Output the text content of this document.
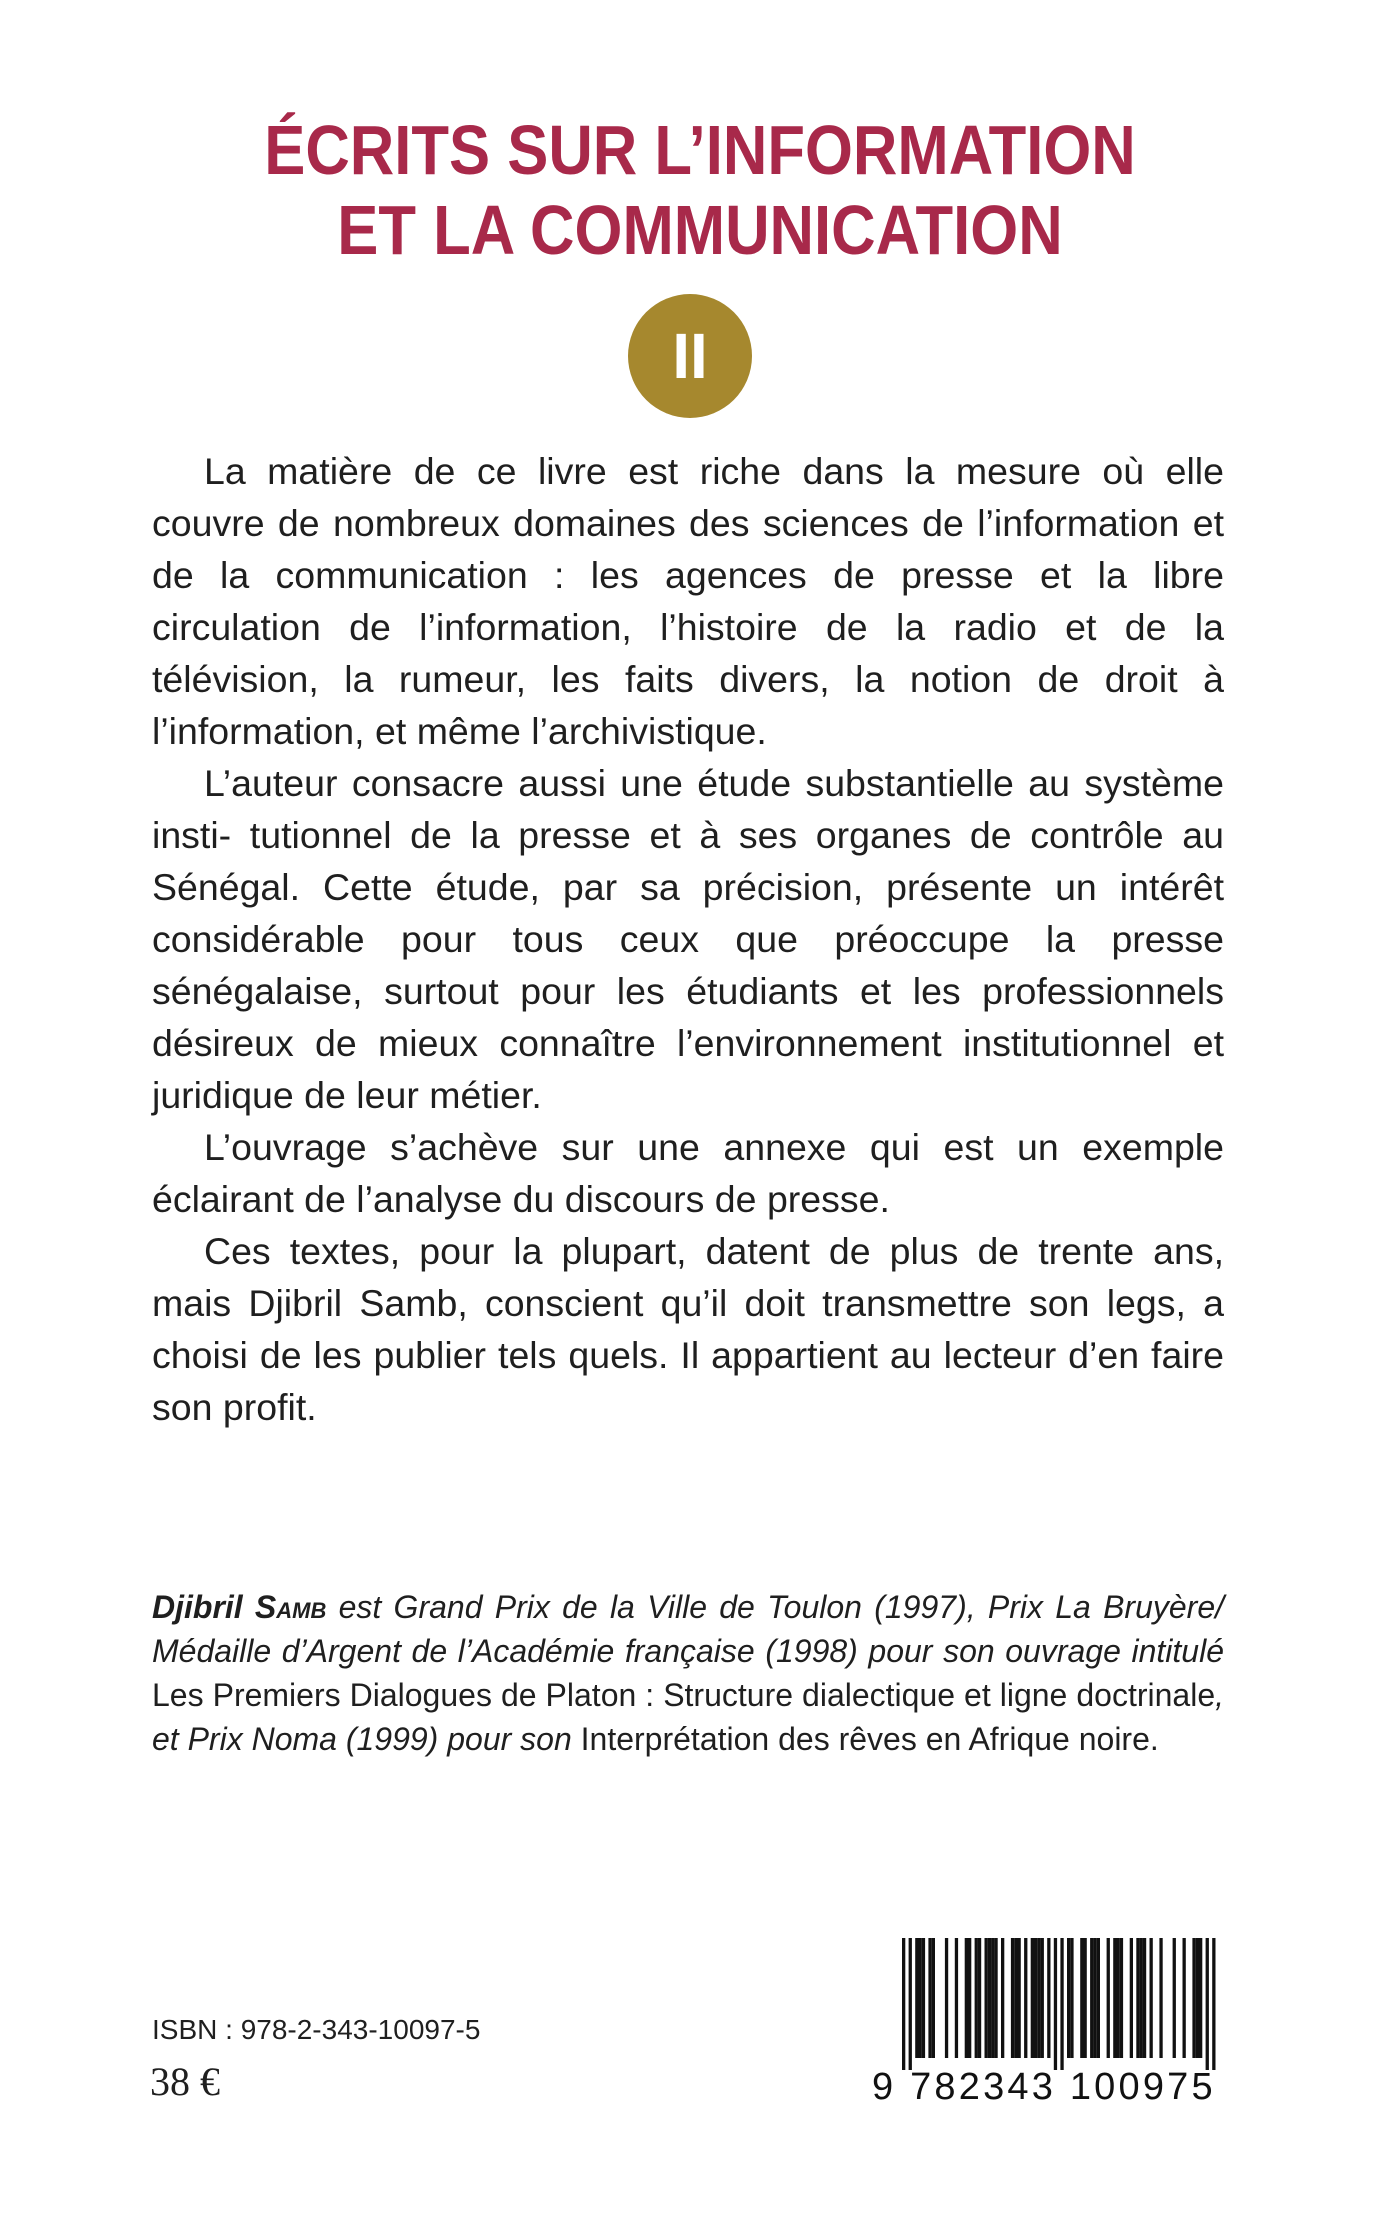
ÉCRITS SUR L’INFORMATION
ET LA COMMUNICATION
II

La matière de ce livre est riche dans la mesure où elle couvre de nombreux domaines des sciences de l’information et de la communication : les agences de presse et la libre circulation de l’information, l’histoire de la radio et de la télévision, la rumeur, les faits divers, la notion de droit à l’information, et même l’archivistique.

L’auteur consacre aussi une étude substantielle au système insti- tutionnel de la presse et à ses organes de contrôle au Sénégal. Cette étude, par sa précision, présente un intérêt considérable pour tous ceux que préoccupe la presse sénégalaise, surtout pour les étudiants et les professionnels désireux de mieux connaître l’environnement institutionnel et juridique de leur métier.

L’ouvrage s’achève sur une annexe qui est un exemple éclairant de l’analyse du discours de presse.

Ces textes, pour la plupart, datent de plus de trente ans, mais Djibril Samb, conscient qu’il doit transmettre son legs, a choisi de les publier tels quels. Il appartient au lecteur d’en faire son profit.

Djibril Samb est Grand Prix de la Ville de Toulon (1997), Prix La Bruyère/ Médaille d’Argent de l’Académie française (1998) pour son ouvrage intitulé Les Premiers Dialogues de Platon : Structure dialectique et ligne doctrinale, et Prix Noma (1999) pour son Interprétation des rêves en Afrique noire.
ISBN : 978-2-343-10097-5
38 €	9 782343 100975
